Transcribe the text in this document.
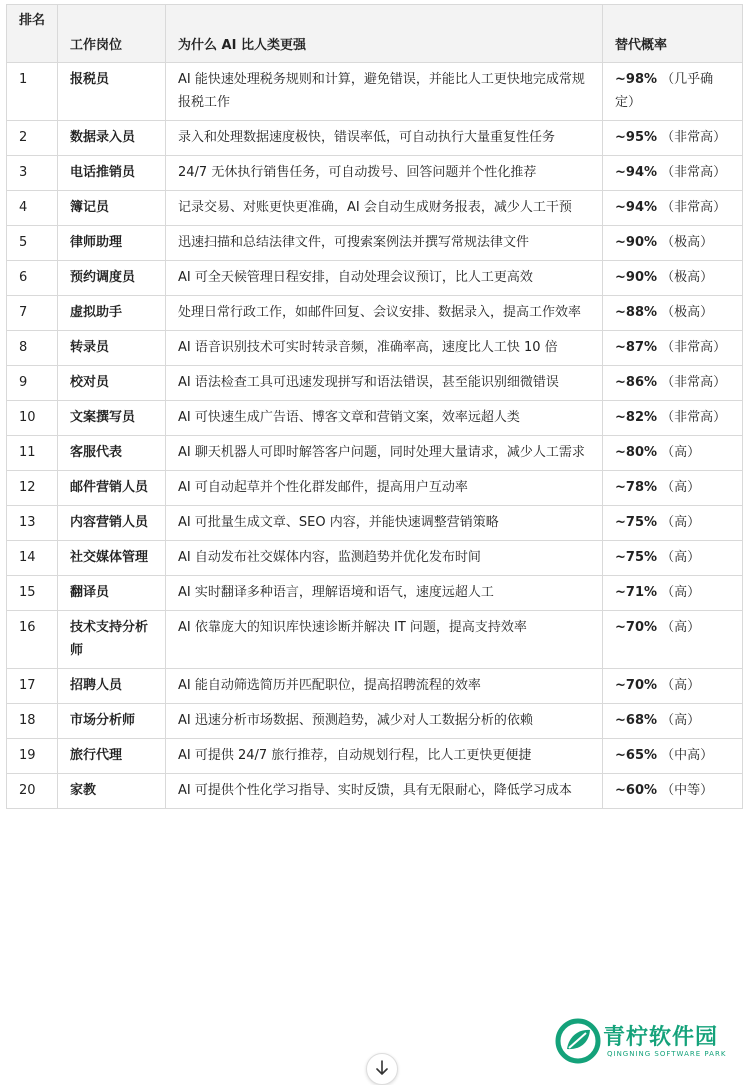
排名	工作岗位	为什么 AI 比人类更强	替代概率
1	报税员	AI 能快速处理税务规则和计算，避免错误，并能比人工更快地完成常规报税工作	~98% （几乎确定）
2	数据录入员	录入和处理数据速度极快，错误率低，可自动执行大量重复性任务	~95% （非常高）
3	电话推销员	24/7 无休执行销售任务，可自动拨号、回答问题并个性化推荐	~94% （非常高）
4	簿记员	记录交易、对账更快更准确，AI 会自动生成财务报表，减少人工干预	~94% （非常高）
5	律师助理	迅速扫描和总结法律文件，可搜索案例法并撰写常规法律文件	~90% （极高）
6	预约调度员	AI 可全天候管理日程安排，自动处理会议预订，比人工更高效	~90% （极高）
7	虚拟助手	处理日常行政工作，如邮件回复、会议安排、数据录入，提高工作效率	~88% （极高）
8	转录员	AI 语音识别技术可实时转录音频，准确率高，速度比人工快 10 倍	~87% （非常高）
9	校对员	AI 语法检查工具可迅速发现拼写和语法错误，甚至能识别细微错误	~86% （非常高）
10	文案撰写员	AI 可快速生成广告语、博客文章和营销文案，效率远超人类	~82% （非常高）
11	客服代表	AI 聊天机器人可即时解答客户问题，同时处理大量请求，减少人工需求	~80% （高）
12	邮件营销人员	AI 可自动起草并个性化群发邮件，提高用户互动率	~78% （高）
13	内容营销人员	AI 可批量生成文章、SEO 内容，并能快速调整营销策略	~75% （高）
14	社交媒体管理	AI 自动发布社交媒体内容，监测趋势并优化发布时间	~75% （高）
15	翻译员	AI 实时翻译多种语言，理解语境和语气，速度远超人工	~71% （高）
16	技术支持分析师	AI 依靠庞大的知识库快速诊断并解决 IT 问题，提高支持效率	~70% （高）
17	招聘人员	AI 能自动筛选简历并匹配职位，提高招聘流程的效率	~70% （高）
18	市场分析师	AI 迅速分析市场数据、预测趋势，减少对人工数据分析的依赖	~68% （高）
19	旅行代理	AI 可提供 24/7 旅行推荐，自动规划行程，比人工更快更便捷	~65% （中高）
20	家教	AI 可提供个性化学习指导、实时反馈，具有无限耐心，降低学习成本	~60% （中等）
青柠软件园
QINGNING SOFTWARE PARK
